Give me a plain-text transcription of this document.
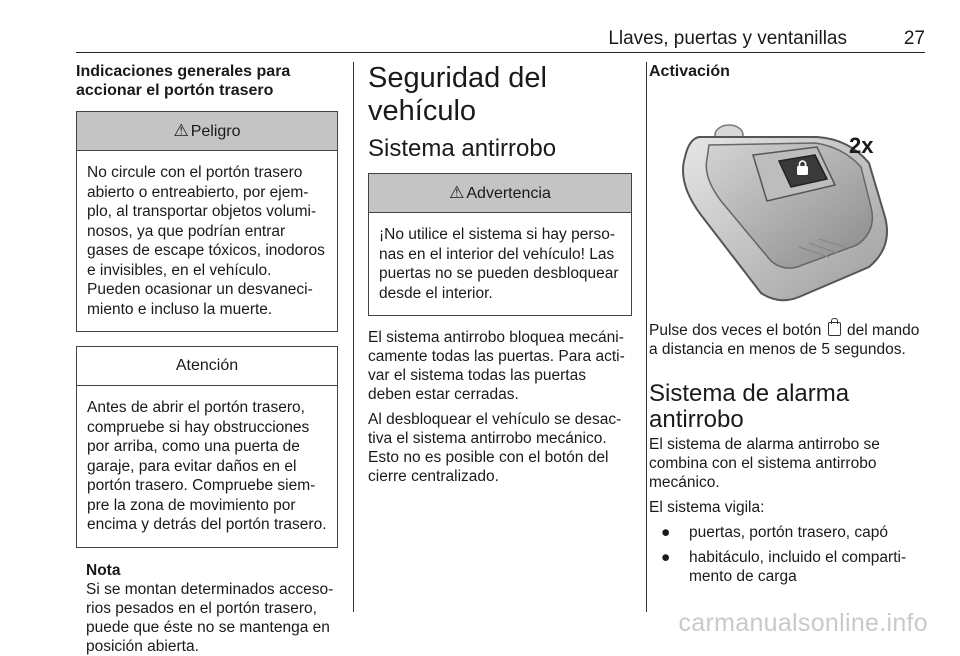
Llaves, puertas y ventanillas	27

Indicaciones generales para accionar el portón trasero

⚠ Peligro
No circule con el portón trasero abierto o entreabierto, por ejemplo, al transportar objetos voluminosos, ya que podrían entrar gases de escape tóxicos, inodoros e invisibles, en el vehículo. Pueden ocasionar un desvanecimiento e incluso la muerte.
Atención
Antes de abrir el portón trasero, compruebe si hay obstrucciones por arriba, como una puerta de garaje, para evitar daños en el portón trasero. Compruebe siempre la zona de movimiento por encima y detrás del portón trasero.
Nota
Si se montan determinados accesorios pesados en el portón trasero, puede que éste no se mantenga en posición abierta.
Seguridad del vehículo
Sistema antirrobo
⚠ Advertencia
¡No utilice el sistema si hay personas en el interior del vehículo! Las puertas no se pueden desbloquear desde el interior.

El sistema antirrobo bloquea mecánicamente todas las puertas. Para activar el sistema todas las puertas deben estar cerradas.

Al desbloquear el vehículo se desactiva el sistema antirrobo mecánico. Esto no es posible con el botón del cierre centralizado.

Activación

2x

Pulse dos veces el botón del mando a distancia en menos de 5 segundos.

Sistema de alarma antirrobo

El sistema de alarma antirrobo se combina con el sistema antirrobo mecánico.

El sistema vigila:

●	puertas, portón trasero, capó
●	habitáculo, incluido el compartimento de carga
carmanualsonline.info
